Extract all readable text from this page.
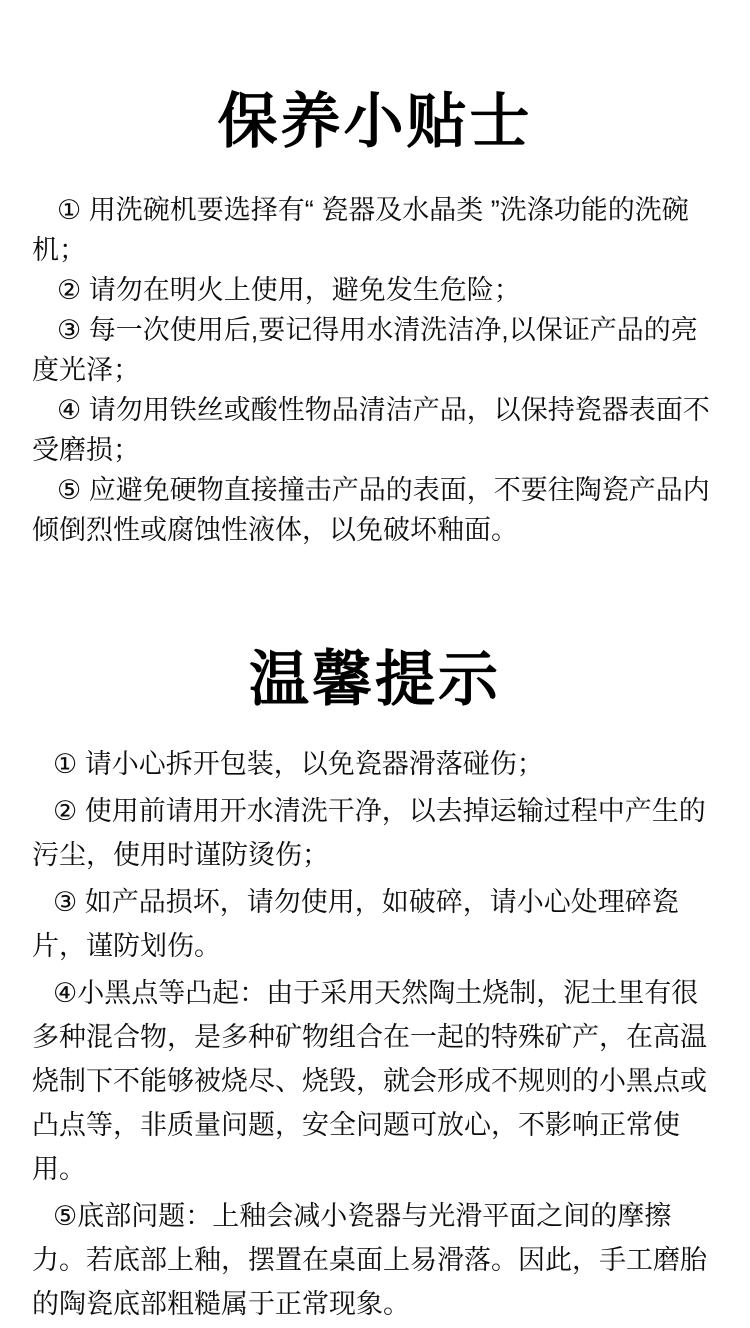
保养小贴士

① 用洗碗机要选择有“ 瓷器及水晶类 ”洗涤功能的洗碗机；

② 请勿在明火上使用，避免发生危险；

③ 每一次使用后,要记得用水清洗洁净,以保证产品的亮度光泽；

④ 请勿用铁丝或酸性物品清洁产品，以保持瓷器表面不受磨损；

⑤ 应避免硬物直接撞击产品的表面，不要往陶瓷产品内倾倒烈性或腐蚀性液体，以免破坏釉面。

温馨提示

① 请小心拆开包装，以免瓷器滑落碰伤；

② 使用前请用开水清洗干净，以去掉运输过程中产生的污尘，使用时谨防烫伤；

③ 如产品损坏，请勿使用，如破碎，请小心处理碎瓷片，谨防划伤。

④小黑点等凸起：由于采用天然陶土烧制，泥土里有很多种混合物，是多种矿物组合在一起的特殊矿产，在高温烧制下不能够被烧尽、烧毁，就会形成不规则的小黑点或凸点等，非质量问题，安全问题可放心，不影响正常使用。

⑤底部问题：上釉会减小瓷器与光滑平面之间的摩擦力。若底部上釉，摆置在桌面上易滑落。因此，手工磨胎的陶瓷底部粗糙属于正常现象。
